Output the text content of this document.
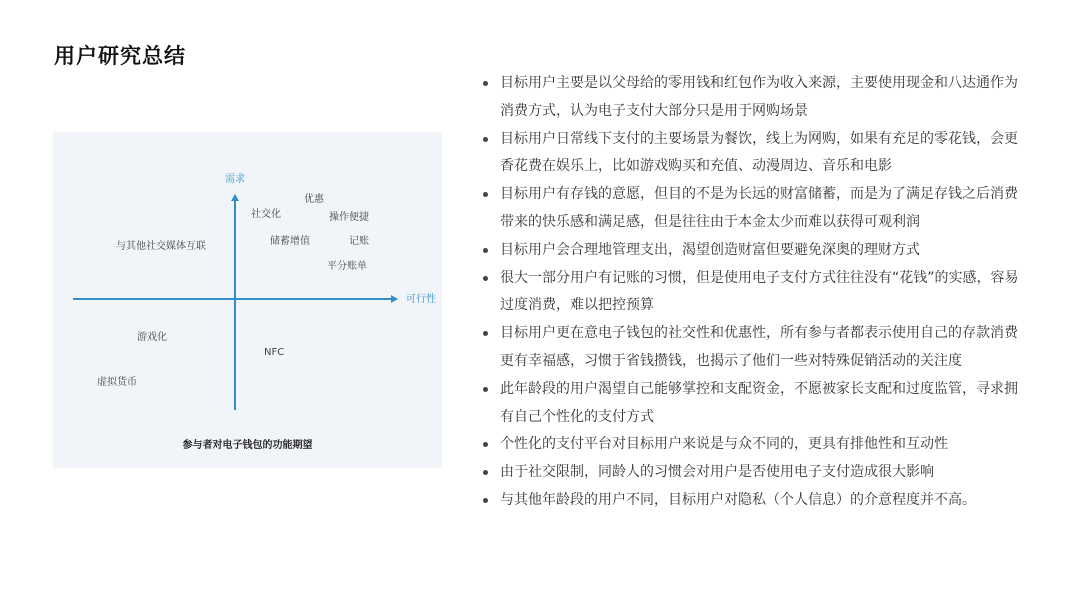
用户研究总结
需求
可行性
优惠
社交化	操作便捷
与其他社交媒体互联	储蓄增值	记账
平分账单
游戏化
NFC
虚拟货币
参与者对电子钱包的功能期望
目标用户主要是以父母给的零用钱和红包作为收入来源，主要使用现金和八达通作为消费方式，认为电子支付大部分只是用于网购场景
目标用户日常线下支付的主要场景为餐饮，线上为网购，如果有充足的零花钱，会更香花费在娱乐上，比如游戏购买和充值、动漫周边、音乐和电影
目标用户有存钱的意愿，但目的不是为长远的财富储蓄，而是为了满足存钱之后消费带来的快乐感和满足感，但是往往由于本金太少而难以获得可观利润
目标用户会合理地管理支出，渴望创造财富但要避免深奥的理财方式
很大一部分用户有记账的习惯，但是使用电子支付方式往往没有“花钱”的实感，容易过度消费，难以把控预算
目标用户更在意电子钱包的社交性和优惠性，所有参与者都表示使用自己的存款消费更有幸福感，习惯于省钱攒钱，也揭示了他们一些对特殊促销活动的关注度
此年龄段的用户渴望自己能够掌控和支配资金，不愿被家长支配和过度监管，寻求拥有自己个性化的支付方式
个性化的支付平台对目标用户来说是与众不同的，更具有排他性和互动性
由于社交限制，同龄人的习惯会对用户是否使用电子支付造成很大影响
与其他年龄段的用户不同，目标用户对隐私（个人信息）的介意程度并不高。
